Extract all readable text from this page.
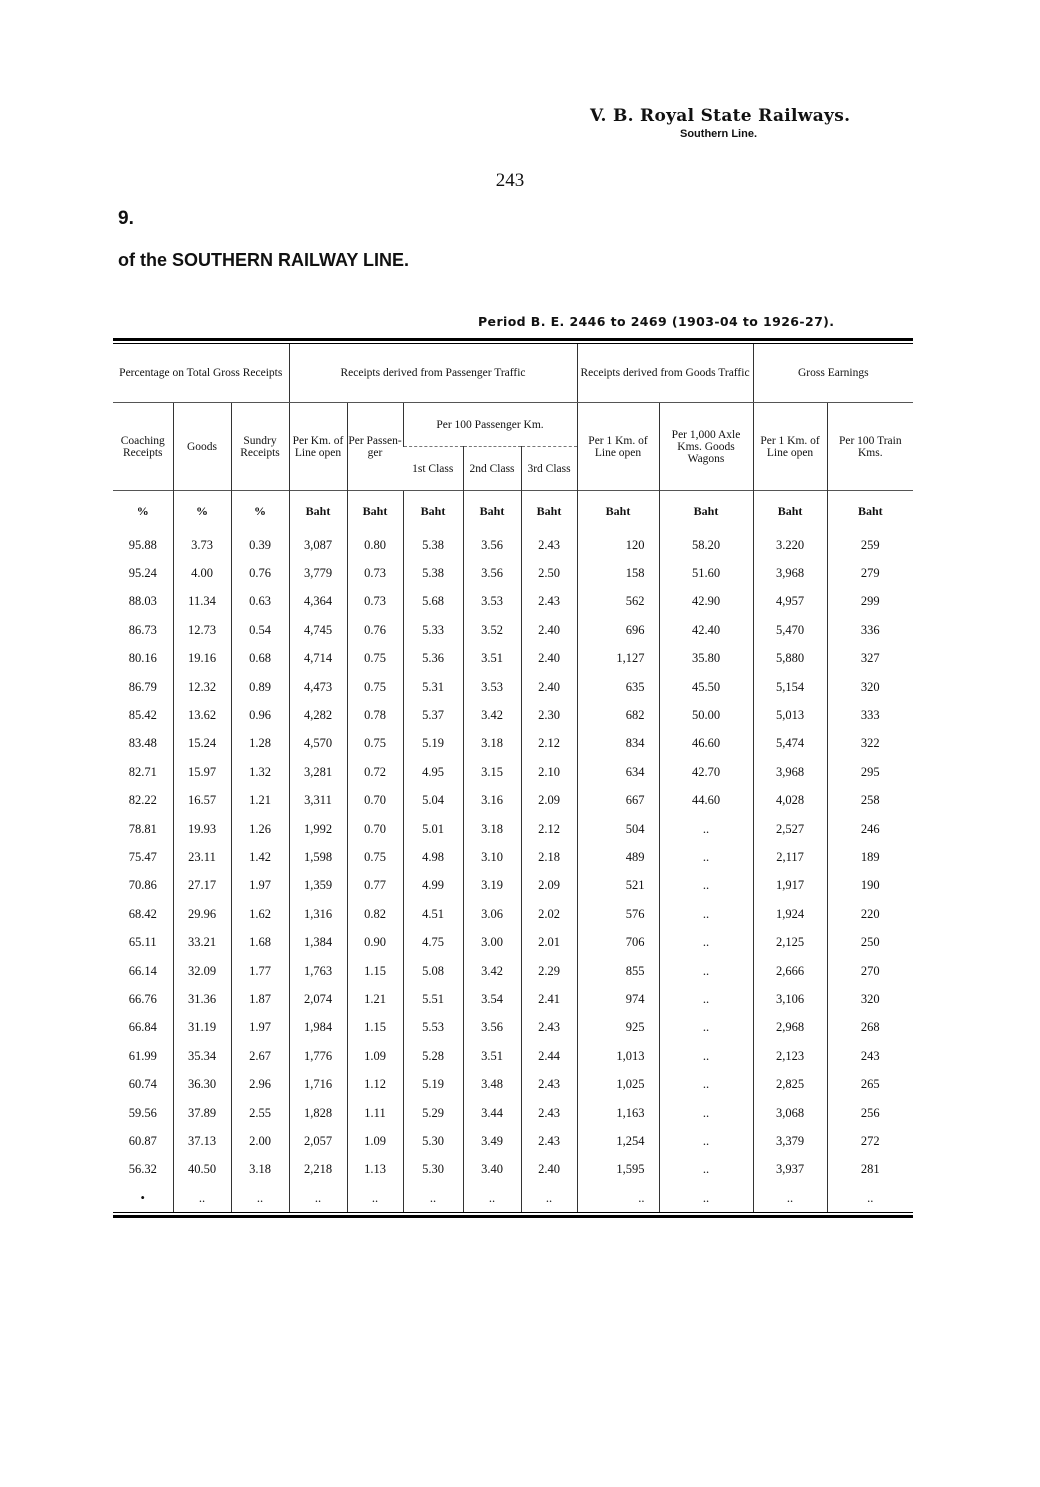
V. B. Royal State Railways.
Southern Line.
243
9.
of the SOUTHERN RAILWAY LINE.
Period B. E. 2446 to 2469 (1903-04 to 1926-27).
Percentage on Total Gross Receipts			Receipts derived from Passenger Traffic					Receipts derived from Goods Traffic		Gross Earnings	
Coaching Receipts	Goods	Sundry Receipts	Per Km. of Line open	Per Passen- ger	Per 100 Passenger Km.			Per 1 Km. of Line open	Per 1,000 Axle Kms. Goods Wagons	Per 1 Km. of Line open	Per 100 Train Kms.
					1st Class	2nd Class	3rd Class				
%	%	%	Baht	Baht	Baht	Baht	Baht	Baht	Baht	Baht	Baht
95.88	3.73	0.39	3,087	0.80	5.38	3.56	2.43	120	58.20	3.220	259
95.24	4.00	0.76	3,779	0.73	5.38	3.56	2.50	158	51.60	3,968	279
88.03	11.34	0.63	4,364	0.73	5.68	3.53	2.43	562	42.90	4,957	299
86.73	12.73	0.54	4,745	0.76	5.33	3.52	2.40	696	42.40	5,470	336
80.16	19.16	0.68	4,714	0.75	5.36	3.51	2.40	1,127	35.80	5,880	327
86.79	12.32	0.89	4,473	0.75	5.31	3.53	2.40	635	45.50	5,154	320
85.42	13.62	0.96	4,282	0.78	5.37	3.42	2.30	682	50.00	5,013	333
83.48	15.24	1.28	4,570	0.75	5.19	3.18	2.12	834	46.60	5,474	322
82.71	15.97	1.32	3,281	0.72	4.95	3.15	2.10	634	42.70	3,968	295
82.22	16.57	1.21	3,311	0.70	5.04	3.16	2.09	667	44.60	4,028	258
78.81	19.93	1.26	1,992	0.70	5.01	3.18	2.12	504	..	2,527	246
75.47	23.11	1.42	1,598	0.75	4.98	3.10	2.18	489	..	2,117	189
70.86	27.17	1.97	1,359	0.77	4.99	3.19	2.09	521	..	1,917	190
68.42	29.96	1.62	1,316	0.82	4.51	3.06	2.02	576	..	1,924	220
65.11	33.21	1.68	1,384	0.90	4.75	3.00	2.01	706	..	2,125	250
66.14	32.09	1.77	1,763	1.15	5.08	3.42	2.29	855	..	2,666	270
66.76	31.36	1.87	2,074	1.21	5.51	3.54	2.41	974	..	3,106	320
66.84	31.19	1.97	1,984	1.15	5.53	3.56	2.43	925	..	2,968	268
61.99	35.34	2.67	1,776	1.09	5.28	3.51	2.44	1,013	..	2,123	243
60.74	36.30	2.96	1,716	1.12	5.19	3.48	2.43	1,025	..	2,825	265
59.56	37.89	2.55	1,828	1.11	5.29	3.44	2.43	1,163	..	3,068	256
60.87	37.13	2.00	2,057	1.09	5.30	3.49	2.43	1,254	..	3,379	272
56.32	40.50	3.18	2,218	1.13	5.30	3.40	2.40	1,595	..	3,937	281
•	..	..	..	..	..	..	..	..	..	..	..
